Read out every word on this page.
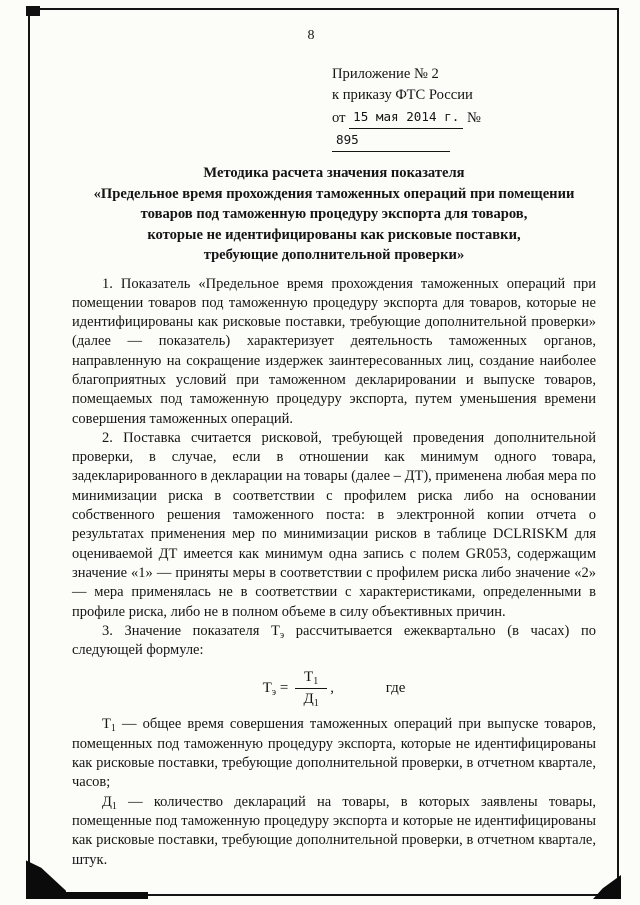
8
Приложение № 2
к приказу ФТС России
от 15 мая 2014 г. № 895
Методика расчета значения показателя
«Предельное время прохождения таможенных операций при помещении
товаров под таможенную процедуру экспорта для товаров,
которые не идентифицированы как рисковые поставки,
требующие дополнительной проверки»

1. Показатель «Предельное время прохождения таможенных операций при помещении товаров под таможенную процедуру экспорта для товаров, которые не идентифицированы как рисковые поставки, требующие дополнительной проверки» (далее — показатель) характеризует деятельность таможенных органов, направленную на сокращение издержек заинтересованных лиц, создание наиболее благоприятных условий при таможенном декларировании и выпуске товаров, помещаемых под таможенную процедуру экспорта, путем уменьшения времени совершения таможенных операций.

2. Поставка считается рисковой, требующей проведения дополнительной проверки, в случае, если в отношении как минимум одного товара, задекларированного в декларации на товары (далее – ДТ), применена любая мера по минимизации риска в соответствии с профилем риска либо на основании собственного решения таможенного поста: в электронной копии отчета о результатах применения мер по минимизации рисков в таблице DCLRISKM для оцениваемой ДТ имеется как минимум одна запись с полем GR053, содержащим значение «1» — приняты меры в соответствии с профилем риска либо значение «2» — мера применялась не в соответствии с характеристиками, определенными в профиле риска, либо не в полном объеме в силу объективных причин.

3. Значение показателя $Т_э$ рассчитывается ежеквартально (в часах) по следующей формуле:

$Т_э = \frac{Т_1}{Д_1}$ ,	где

$Т_1$ — общее время совершения таможенных операций при выпуске товаров, помещенных под таможенную процедуру экспорта, которые не идентифицированы как рисковые поставки, требующие дополнительной проверки, в отчетном квартале, часов;

$Д_1$ — количество деклараций на товары, в которых заявлены товары, помещенные под таможенную процедуру экспорта и которые не идентифицированы как рисковые поставки, требующие дополнительной проверки, в отчетном квартале, штук.
